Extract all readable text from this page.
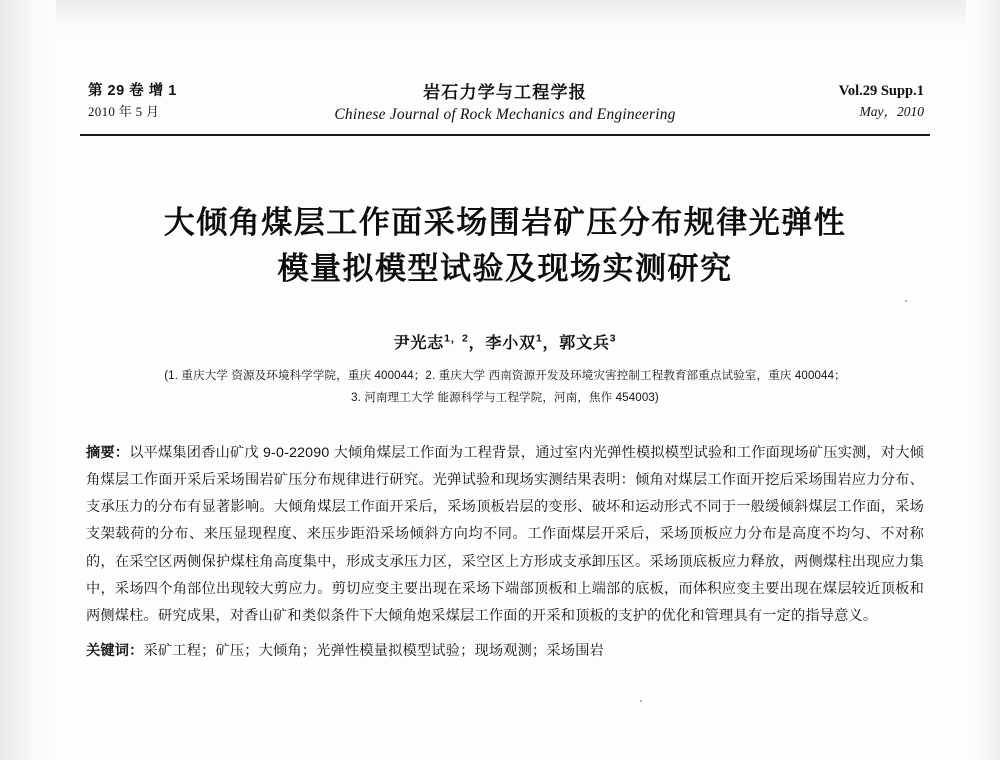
第 29 卷 增 1
2010 年 5 月
岩石力学与工程学报
Chinese Journal of Rock Mechanics and Engineering
Vol.29 Supp.1
May，2010
大倾角煤层工作面采场围岩矿压分布规律光弹性
模量拟模型试验及现场实测研究
尹光志$^{1,2}$，李小双$^1$，郭文兵$^3$
(1. 重庆大学 资源及环境科学学院，重庆 400044；2. 重庆大学 西南资源开发及环境灾害控制工程教育部重点试验室，重庆 400044；
3. 河南理工大学 能源科学与工程学院，河南，焦作 454003)
摘要：以平煤集团香山矿戊 9‑0‑22090 大倾角煤层工作面为工程背景，通过室内光弹性模拟模型试验和工作面现场矿压实测，对大倾角煤层工作面开采后采场围岩矿压分布规律进行研究。光弹试验和现场实测结果表明：倾角对煤层工作面开挖后采场围岩应力分布、支承压力的分布有显著影响。大倾角煤层工作面开采后，采场顶板岩层的变形、破坏和运动形式不同于一般缓倾斜煤层工作面，采场支架载荷的分布、来压显现程度、来压步距沿采场倾斜方向均不同。工作面煤层开采后，采场顶板应力分布是高度不均匀、不对称的，在采空区两侧保护煤柱角高度集中，形成支承压力区，采空区上方形成支承卸压区。采场顶底板应力释放，两侧煤柱出现应力集中，采场四个角部位出现较大剪应力。剪切应变主要出现在采场下端部顶板和上端部的底板，而体积应变主要出现在煤层较近顶板和两侧煤柱。研究成果，对香山矿和类似条件下大倾角炮采煤层工作面的开采和顶板的支护的优化和管理具有一定的指导意义。
关键词：采矿工程；矿压；大倾角；光弹性模量拟模型试验；现场观测；采场围岩
